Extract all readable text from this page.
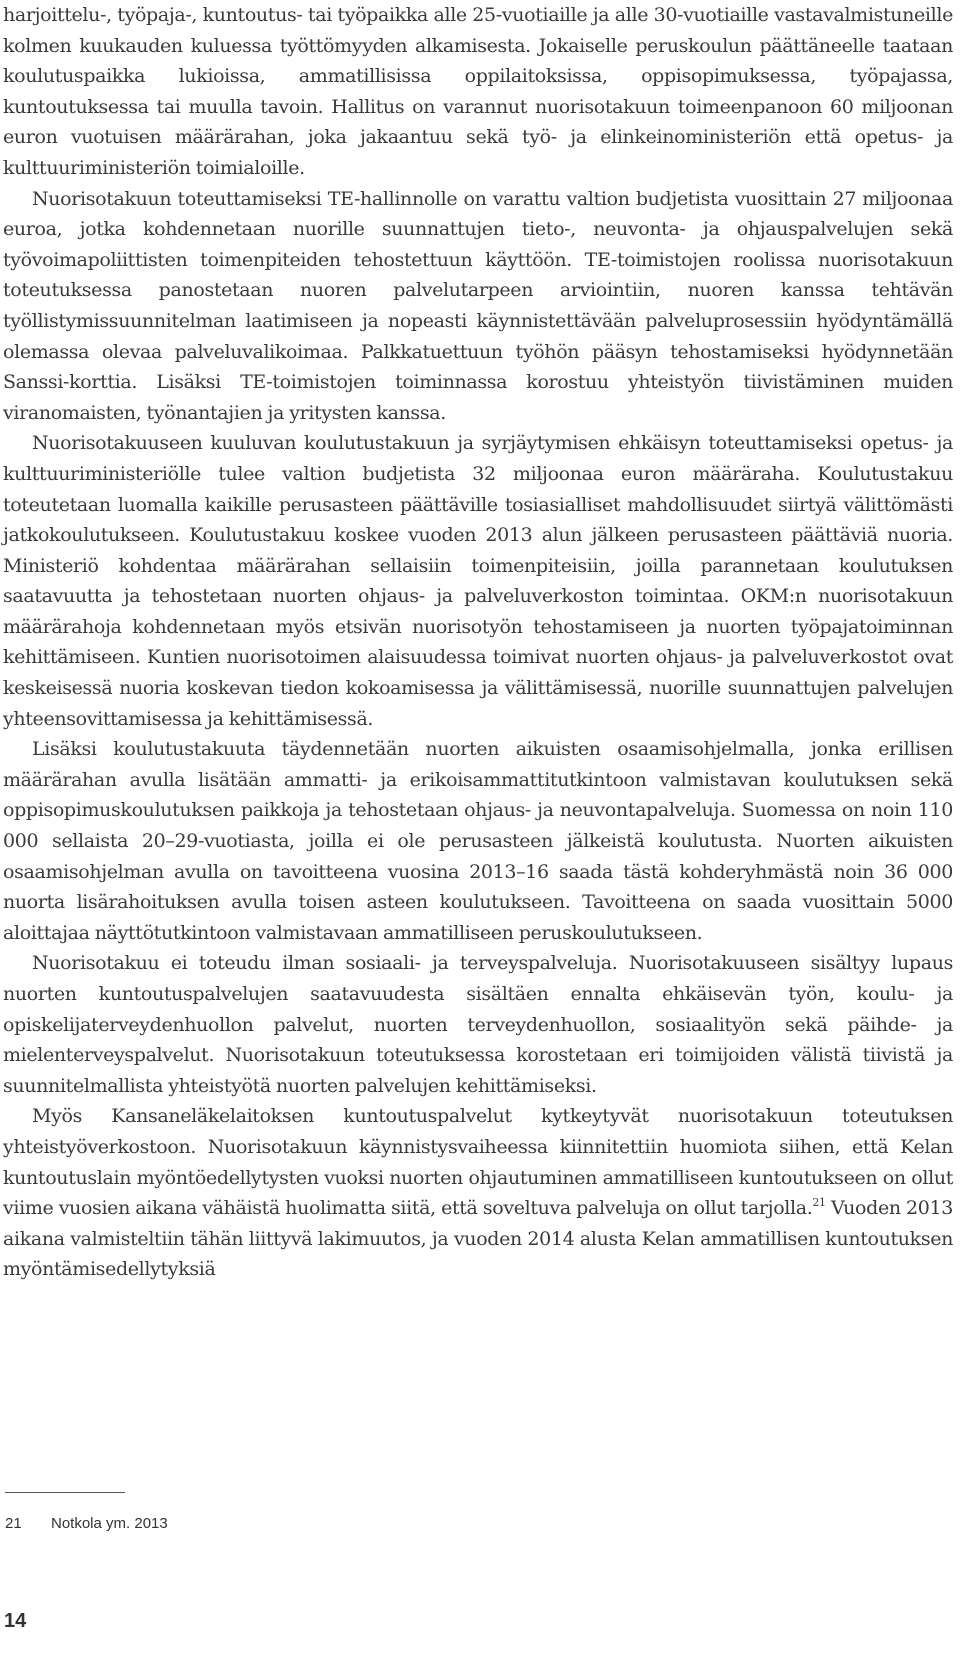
harjoittelu-, työpaja-, kuntoutus- tai työpaikka alle 25-vuotiaille ja alle 30-vuotiaille vastavalmistuneille kolmen kuukauden kuluessa työttömyyden alkamisesta. Jokaiselle peruskoulun päättäneelle taataan koulutuspaikka lukioissa, ammatillisissa oppilaitoksissa, oppisopimuksessa, työpajassa, kuntoutuksessa tai muulla tavoin. Hallitus on varannut nuorisotakuun toimeenpanoon 60 miljoonan euron vuotuisen määrärahan, joka jakaantuu sekä työ- ja elinkeinoministeriön että opetus- ja kulttuuriministeriön toimialoille.

Nuorisotakuun toteuttamiseksi TE-hallinnolle on varattu valtion budjetista vuosittain 27 miljoonaa euroa, jotka kohdennetaan nuorille suunnattujen tieto-, neuvonta- ja ohjauspalvelujen sekä työvoimapoliittisten toimenpiteiden tehostettuun käyttöön. TE-toimistojen roolissa nuorisotakuun toteutuksessa panostetaan nuoren palvelutarpeen arviointiin, nuoren kanssa tehtävän työllistymissuunnitelman laatimiseen ja nopeasti käynnistettävään palveluprosessiin hyödyntämällä olemassa olevaa palveluvalikoimaa. Palkkatuettuun työhön pääsyn tehostamiseksi hyödynnetään Sanssi-korttia. Lisäksi TE-toimistojen toiminnassa korostuu yhteistyön tiivistäminen muiden viranomaisten, työnantajien ja yritysten kanssa.

Nuorisotakuuseen kuuluvan koulutustakuun ja syrjäytymisen ehkäisyn toteuttamiseksi opetus- ja kulttuuriministeriölle tulee valtion budjetista 32 miljoonaa euron määräraha. Koulutustakuu toteutetaan luomalla kaikille perusasteen päättäville tosiasialliset mahdollisuudet siirtyä välittömästi jatkokoulutukseen. Koulutustakuu koskee vuoden 2013 alun jälkeen perusasteen päättäviä nuoria. Ministeriö kohdentaa määrärahan sellaisiin toimenpiteisiin, joilla parannetaan koulutuksen saatavuutta ja tehostetaan nuorten ohjaus- ja palveluverkoston toimintaa. OKM:n nuorisotakuun määrärahoja kohdennetaan myös etsivän nuorisotyön tehostamiseen ja nuorten työpajatoiminnan kehittämiseen. Kuntien nuorisotoimen alaisuudessa toimivat nuorten ohjaus- ja palveluverkostot ovat keskeisessä nuoria koskevan tiedon kokoamisessa ja välittämisessä, nuorille suunnattujen palvelujen yhteensovittamisessa ja kehittämisessä.

Lisäksi koulutustakuuta täydennetään nuorten aikuisten osaamisohjelmalla, jonka erillisen määrärahan avulla lisätään ammatti- ja erikoisammattitutkintoon valmistavan koulutuksen sekä oppisopimuskoulutuksen paikkoja ja tehostetaan ohjaus- ja neuvontapalveluja. Suomessa on noin 110 000 sellaista 20–29-vuotiasta, joilla ei ole perusasteen jälkeistä koulutusta. Nuorten aikuisten osaamisohjelman avulla on tavoitteena vuosina 2013–16 saada tästä kohderyhmästä noin 36 000 nuorta lisärahoituksen avulla toisen asteen koulutukseen. Tavoitteena on saada vuosittain 5000 aloittajaa näyttötutkintoon valmistavaan ammatilliseen peruskoulutukseen.

Nuorisotakuu ei toteudu ilman sosiaali- ja terveyspalveluja. Nuorisotakuuseen sisältyy lupaus nuorten kuntoutuspalvelujen saatavuudesta sisältäen ennalta ehkäisevän työn, koulu- ja opiskelijaterveydenhuollon palvelut, nuorten terveydenhuollon, sosiaalityön sekä päihde- ja mielenterveyspalvelut. Nuorisotakuun toteutuksessa korostetaan eri toimijoiden välistä tiivistä ja suunnitelmallista yhteistyötä nuorten palvelujen kehittämiseksi.

Myös Kansaneläkelaitoksen kuntoutuspalvelut kytkeytyvät nuorisotakuun toteutuksen yhteistyöverkostoon. Nuorisotakuun käynnistysvaiheessa kiinnitettiin huomiota siihen, että Kelan kuntoutuslain myöntöedellytysten vuoksi nuorten ohjautuminen ammatilliseen kuntoutukseen on ollut viime vuosien aikana vähäistä huolimatta siitä, että soveltuva palveluja on ollut tarjolla.$^{21}$ Vuoden 2013 aikana valmisteltiin tähän liittyvä lakimuutos, ja vuoden 2014 alusta Kelan ammatillisen kuntoutuksen myöntämisedellytyksiä

21 Notkola ym. 2013
14
